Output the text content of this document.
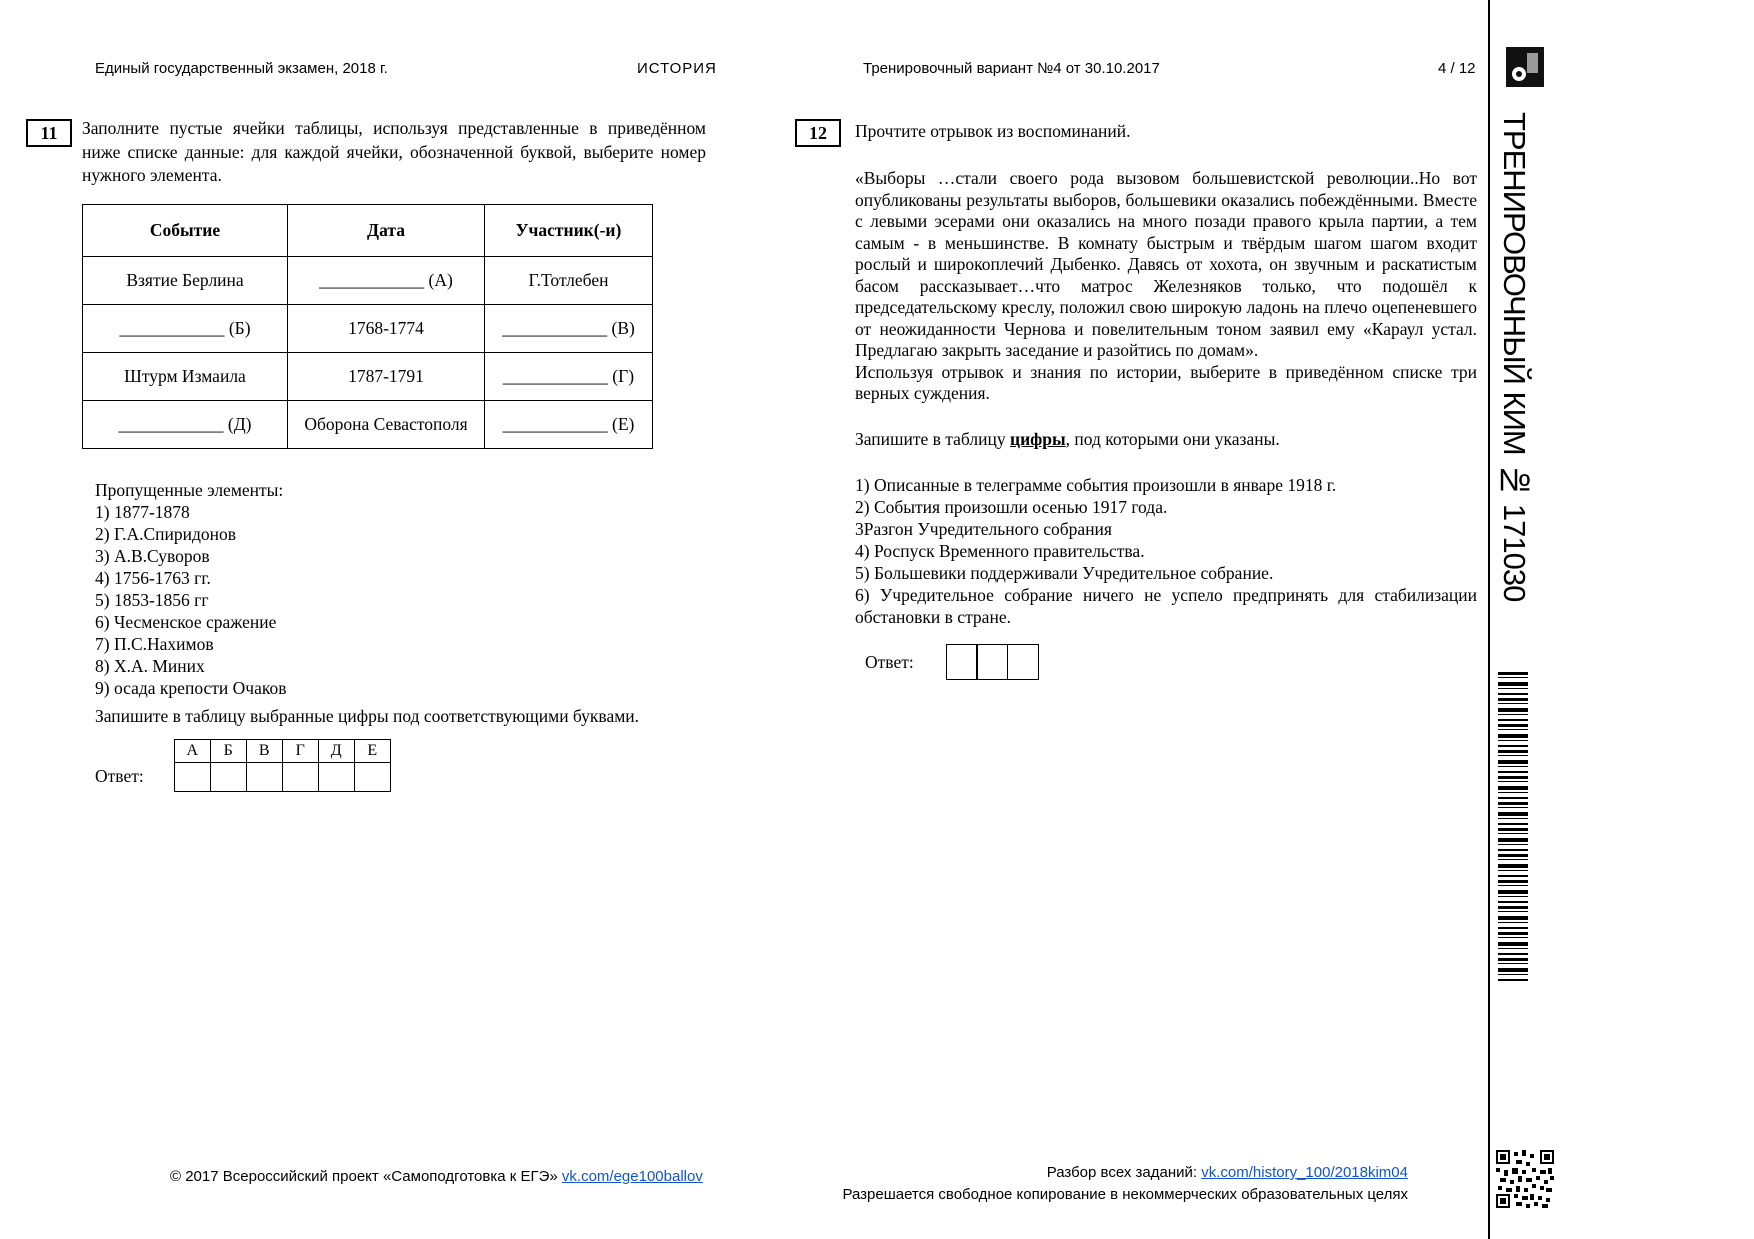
Единый государственный экзамен, 2018 г.	ИСТОРИЯ	Тренировочный вариант №4 от 30.10.2017	4 / 12
ТРЕНИРОВОЧНЫЙ КИМ № 171030
11 Заполните пустые ячейки таблицы, используя представленные в приведённом ниже списке данные: для каждой ячейки, обозначенной буквой, выберите номер нужного элемента.
Событие	Дата	Участник(-и)
Взятие Берлина	____________ (А)	Г.Тотлебен
____________ (Б)	1768-1774	____________ (В)
Штурм Измаила	1787-1791	____________ (Г)
____________ (Д)	Оборона Севастополя	____________ (Е)
Пропущенные элементы:
1) 1877-1878
2) Г.А.Спиридонов
3) А.В.Суворов
4) 1756-1763 гг.
5) 1853-1856 гг
6) Чесменское сражение
7) П.С.Нахимов
8) Х.А. Миних
9) осада крепости Очаков
Запишите в таблицу выбранные цифры под соответствующими буквами.
Ответ:
А	Б	В	Г	Д	Е

12 Прочтите отрывок из воспоминаний.
«Выборы …стали своего рода вызовом большевистской революции..Но вот опубликованы результаты выборов, большевики оказались побеждёнными. Вместе с левыми эсерами они оказались на много позади правого крыла партии, а тем самым - в меньшинстве. В комнату быстрым и твёрдым шагом шагом входит рослый и широкоплечий Дыбенко. Давясь от хохота, он звучным и раскатистым басом рассказывает…что матрос Железняков только, что подошёл к председательскому креслу, положил свою широкую ладонь на плечо оцепеневшего от неожиданности Чернова и повелительным тоном заявил ему «Караул устал. Предлагаю закрыть заседание и разойтись по домам».
Используя отрывок и знания по истории, выберите в приведённом списке три верных суждения.
Запишите в таблицу цифры, под которыми они указаны.
1) Описанные в телеграмме события произошли в январе 1918 г.
2) События произошли осенью 1917 года.
3Разгон Учредительного собрания
4) Роспуск Временного правительства.
5) Большевики поддерживали Учредительное собрание.
6) Учредительное собрание ничего не успело предпринять для стабилизации обстановки в стране.
Ответ:
© 2017 Всероссийский проект «Самоподготовка к ЕГЭ» vk.com/ege100ballov	Разбор всех заданий: vk.com/history_100/2018kim04
Разрешается свободное копирование в некоммерческих образовательных целях
